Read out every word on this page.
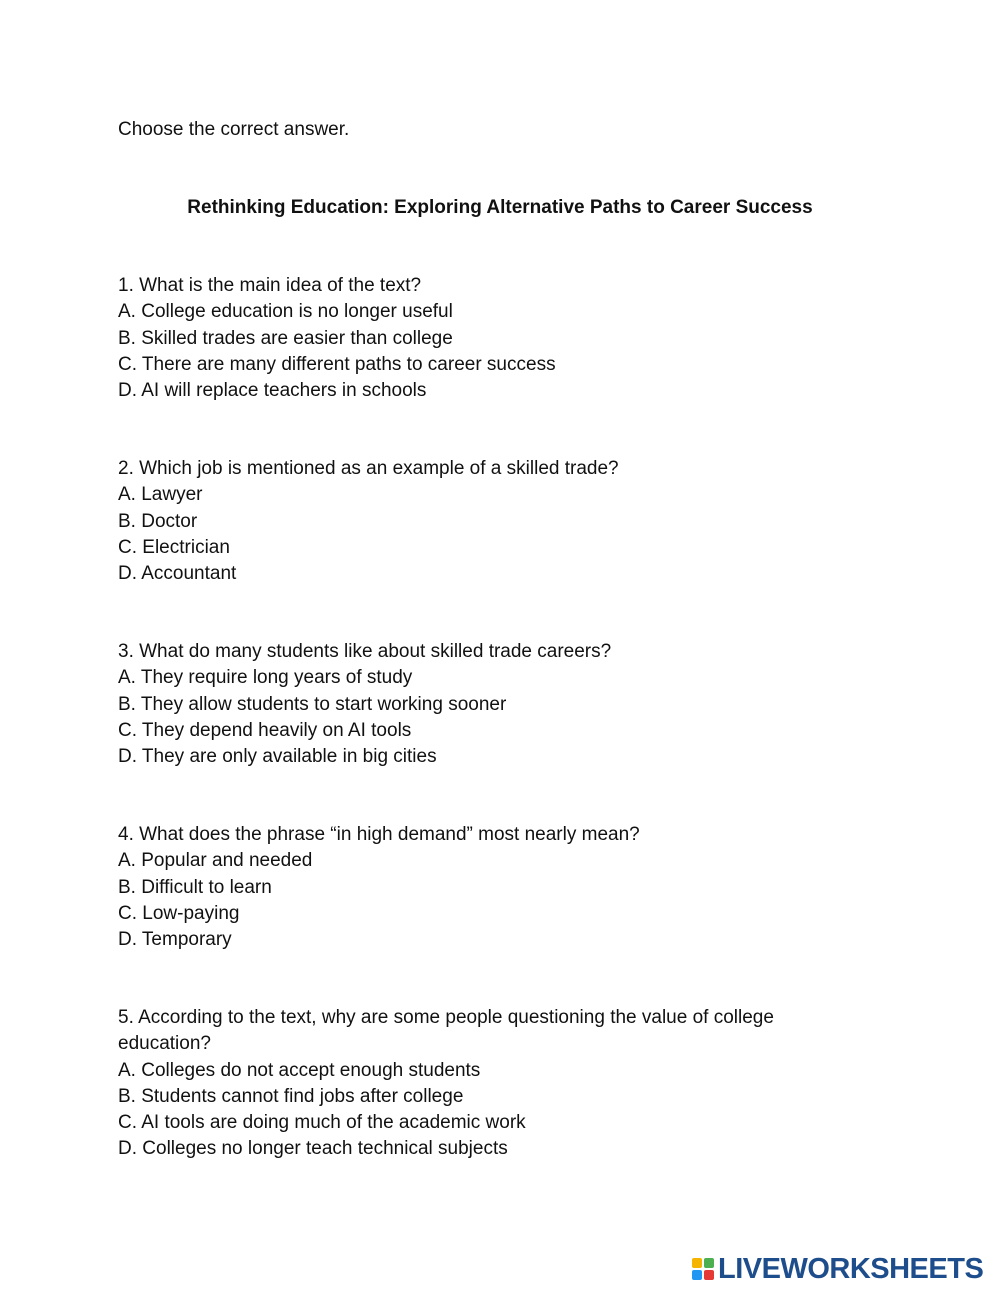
Choose the correct answer.
Rethinking Education: Exploring Alternative Paths to Career Success
1. What is the main idea of the text?
A. College education is no longer useful
B. Skilled trades are easier than college
C. There are many different paths to career success
D. AI will replace teachers in schools
2. Which job is mentioned as an example of a skilled trade?
A. Lawyer
B. Doctor
C. Electrician
D. Accountant
3. What do many students like about skilled trade careers?
A. They require long years of study
B. They allow students to start working sooner
C. They depend heavily on AI tools
D. They are only available in big cities
4. What does the phrase “in high demand” most nearly mean?
A. Popular and needed
B. Difficult to learn
C. Low-paying
D. Temporary
5. According to the text, why are some people questioning the value of college education?
A. Colleges do not accept enough students
B. Students cannot find jobs after college
C. AI tools are doing much of the academic work
D. Colleges no longer teach technical subjects
LIVEWORKSHEETS
